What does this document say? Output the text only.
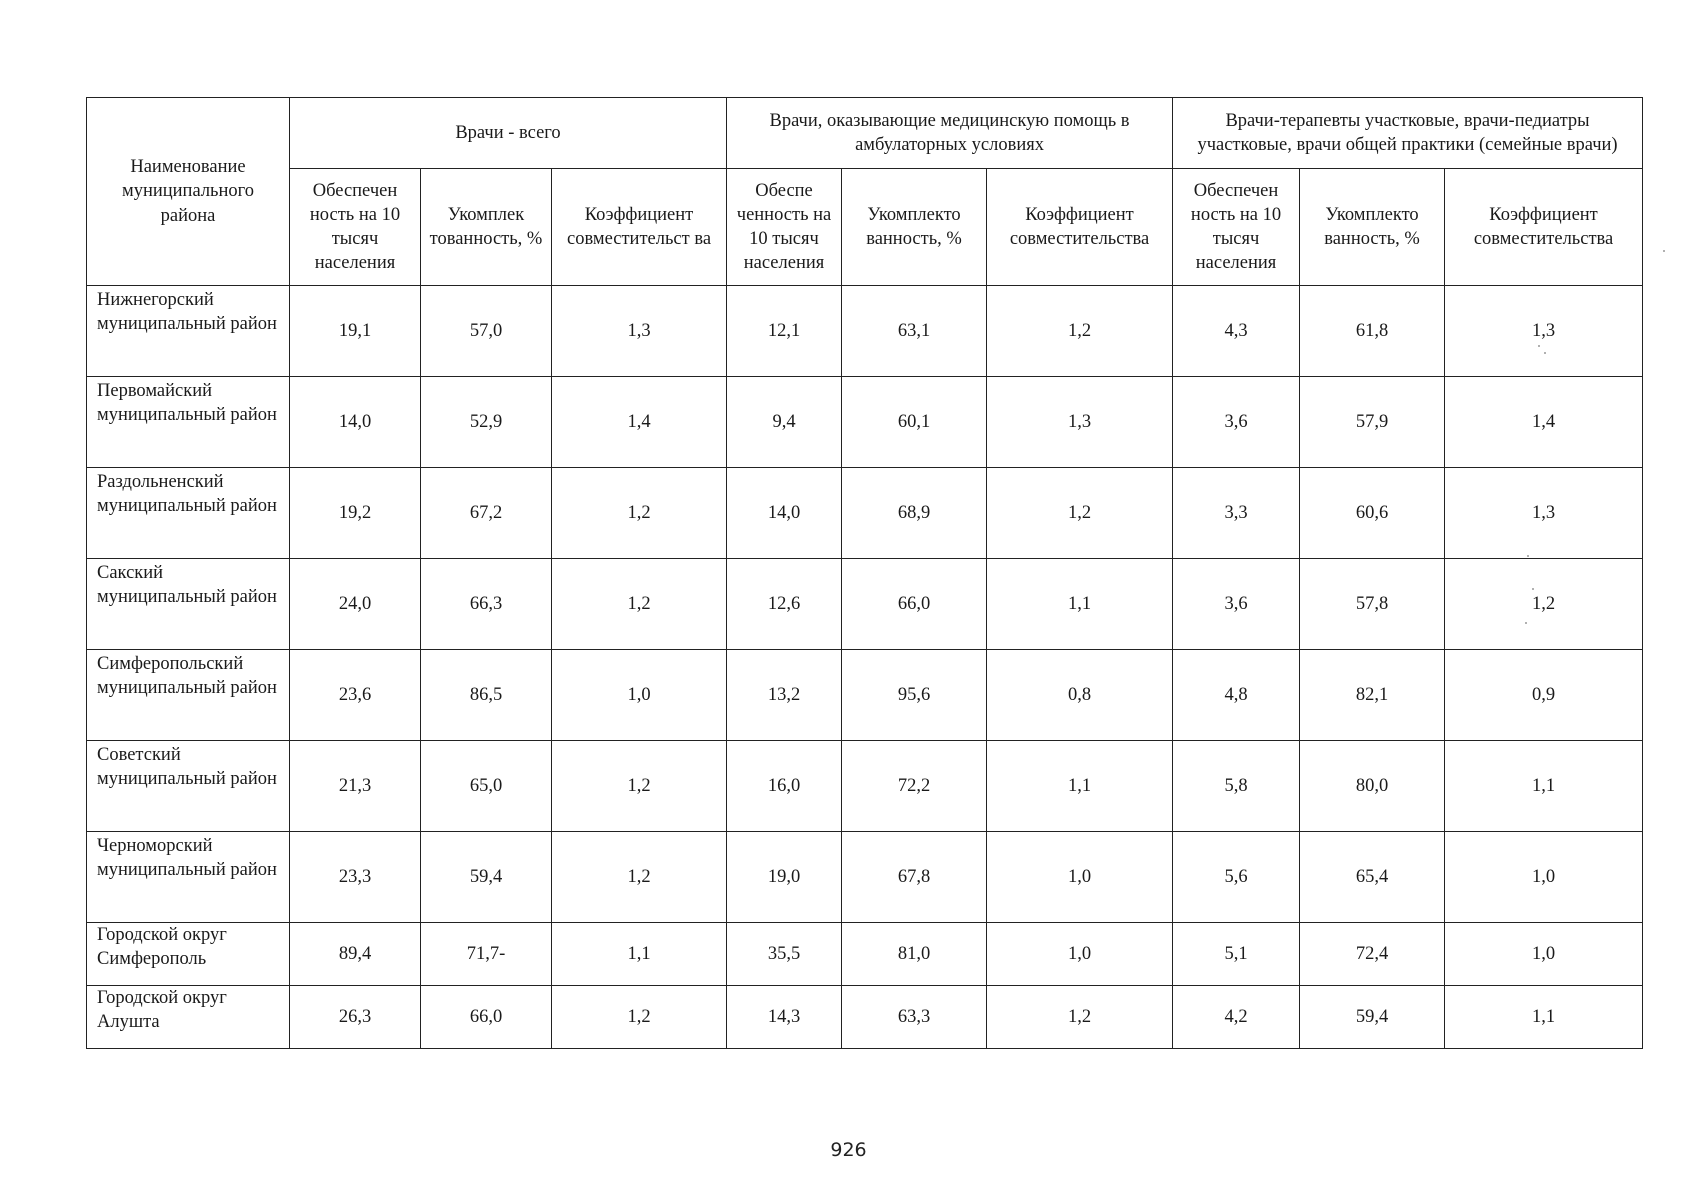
Наименование муниципального района	Врачи - всего			Врачи, оказывающие медицинскую помощь в амбулаторных условиях			Врачи-терапевты участковые, врачи-педиатры участковые, врачи общей практики (семейные врачи)		
	Обеспечен ность на 10 тысяч населения	Укомплек тованность, %	Коэффициент совместительст ва	Обеспе ченность на 10 тысяч населения	Укомплекто ванность, %	Коэффициент совместительства	Обеспечен ность на 10 тысяч населения	Укомплекто ванность, %	Коэффициент совместительства
Нижнегорский муниципальный район	19,1	57,0	1,3	12,1	63,1	1,2	4,3	61,8	1,3
Первомайский муниципальный район	14,0	52,9	1,4	9,4	60,1	1,3	3,6	57,9	1,4
Раздольненский муниципальный район	19,2	67,2	1,2	14,0	68,9	1,2	3,3	60,6	1,3
Сакский муниципальный район	24,0	66,3	1,2	12,6	66,0	1,1	3,6	57,8	1,2
Симферопольский муниципальный район	23,6	86,5	1,0	13,2	95,6	0,8	4,8	82,1	0,9
Советский муниципальный район	21,3	65,0	1,2	16,0	72,2	1,1	5,8	80,0	1,1
Черноморский муниципальный район	23,3	59,4	1,2	19,0	67,8	1,0	5,6	65,4	1,0
Городской округ Симферополь	89,4	71,7-	1,1	35,5	81,0	1,0	5,1	72,4	1,0
Городской округ Алушта	26,3	66,0	1,2	14,3	63,3	1,2	4,2	59,4	1,1
926
